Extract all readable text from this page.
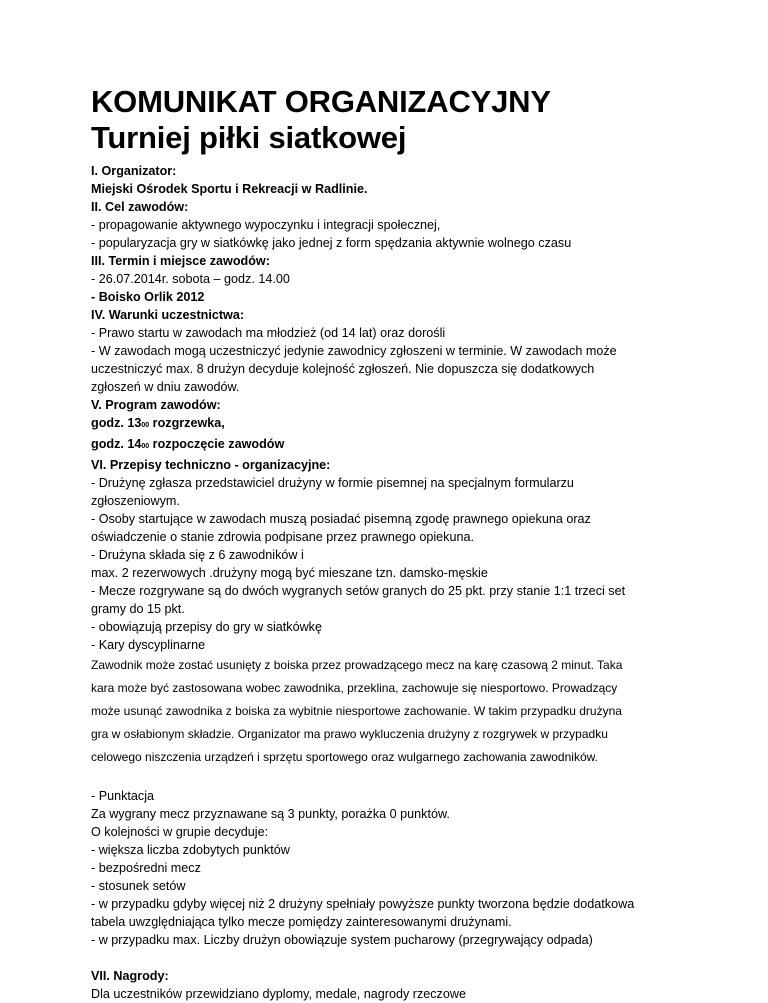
KOMUNIKAT ORGANIZACYJNY
Turniej piłki siatkowej

I. Organizator:

Miejski Ośrodek Sportu i Rekreacji w Radlinie.

II. Cel zawodów:

- propagowanie aktywnego wypoczynku i integracji społecznej,

- popularyzacja gry w siatkówkę jako jednej z form spędzania aktywnie wolnego czasu

III. Termin i miejsce zawodów:

- 26.07.2014r. sobota – godz. 14.00

- Boisko Orlik 2012

IV. Warunki uczestnictwa:

- Prawo startu w zawodach ma młodzież (od 14 lat) oraz dorośli

- W zawodach mogą uczestniczyć jedynie zawodnicy zgłoszeni w terminie. W zawodach może

uczestniczyć max. 8 drużyn decyduje kolejność zgłoszeń. Nie dopuszcza się dodatkowych

zgłoszeń w dniu zawodów.

V. Program zawodów:

godz. 1300 rozgrzewka,

godz. 1400 rozpoczęcie zawodów

VI. Przepisy techniczno - organizacyjne:

- Drużynę zgłasza przedstawiciel drużyny w formie pisemnej na specjalnym formularzu

zgłoszeniowym.

- Osoby startujące w zawodach muszą posiadać pisemną zgodę prawnego opiekuna oraz

oświadczenie o stanie zdrowia podpisane przez prawnego opiekuna.

- Drużyna składa się z 6 zawodników i

max. 2 rezerwowych .drużyny mogą być mieszane tzn. damsko-męskie

- Mecze rozgrywane są do dwóch wygranych setów granych do 25 pkt. przy stanie 1:1 trzeci set

gramy do 15 pkt.

- obowiązują przepisy do gry w siatkówkę

- Kary dyscyplinarne

Zawodnik może zostać usunięty z boiska przez prowadzącego mecz na karę czasową 2 minut. Taka

kara może być zastosowana wobec zawodnika, przeklina, zachowuje się niesportowo. Prowadzący

może usunąć zawodnika z boiska za wybitnie niesportowe zachowanie. W takim przypadku drużyna

gra w osłabionym składzie. Organizator ma prawo wykluczenia drużyny z rozgrywek w przypadku

celowego niszczenia urządzeń i sprzętu sportowego oraz wulgarnego zachowania zawodników.

- Punktacja

Za wygrany mecz przyznawane są 3 punkty, porażka 0 punktów.

O kolejności w grupie decyduje:

- większa liczba zdobytych punktów

- bezpośredni mecz

- stosunek setów

- w przypadku gdyby więcej niż 2 drużyny spełniały powyższe punkty tworzona będzie dodatkowa

tabela uwzględniająca tylko mecze pomiędzy zainteresowanymi drużynami.

- w przypadku max. Liczby drużyn obowiązuje system pucharowy (przegrywający odpada)

VII. Nagrody:

Dla uczestników przewidziano dyplomy, medale, nagrody rzeczowe
